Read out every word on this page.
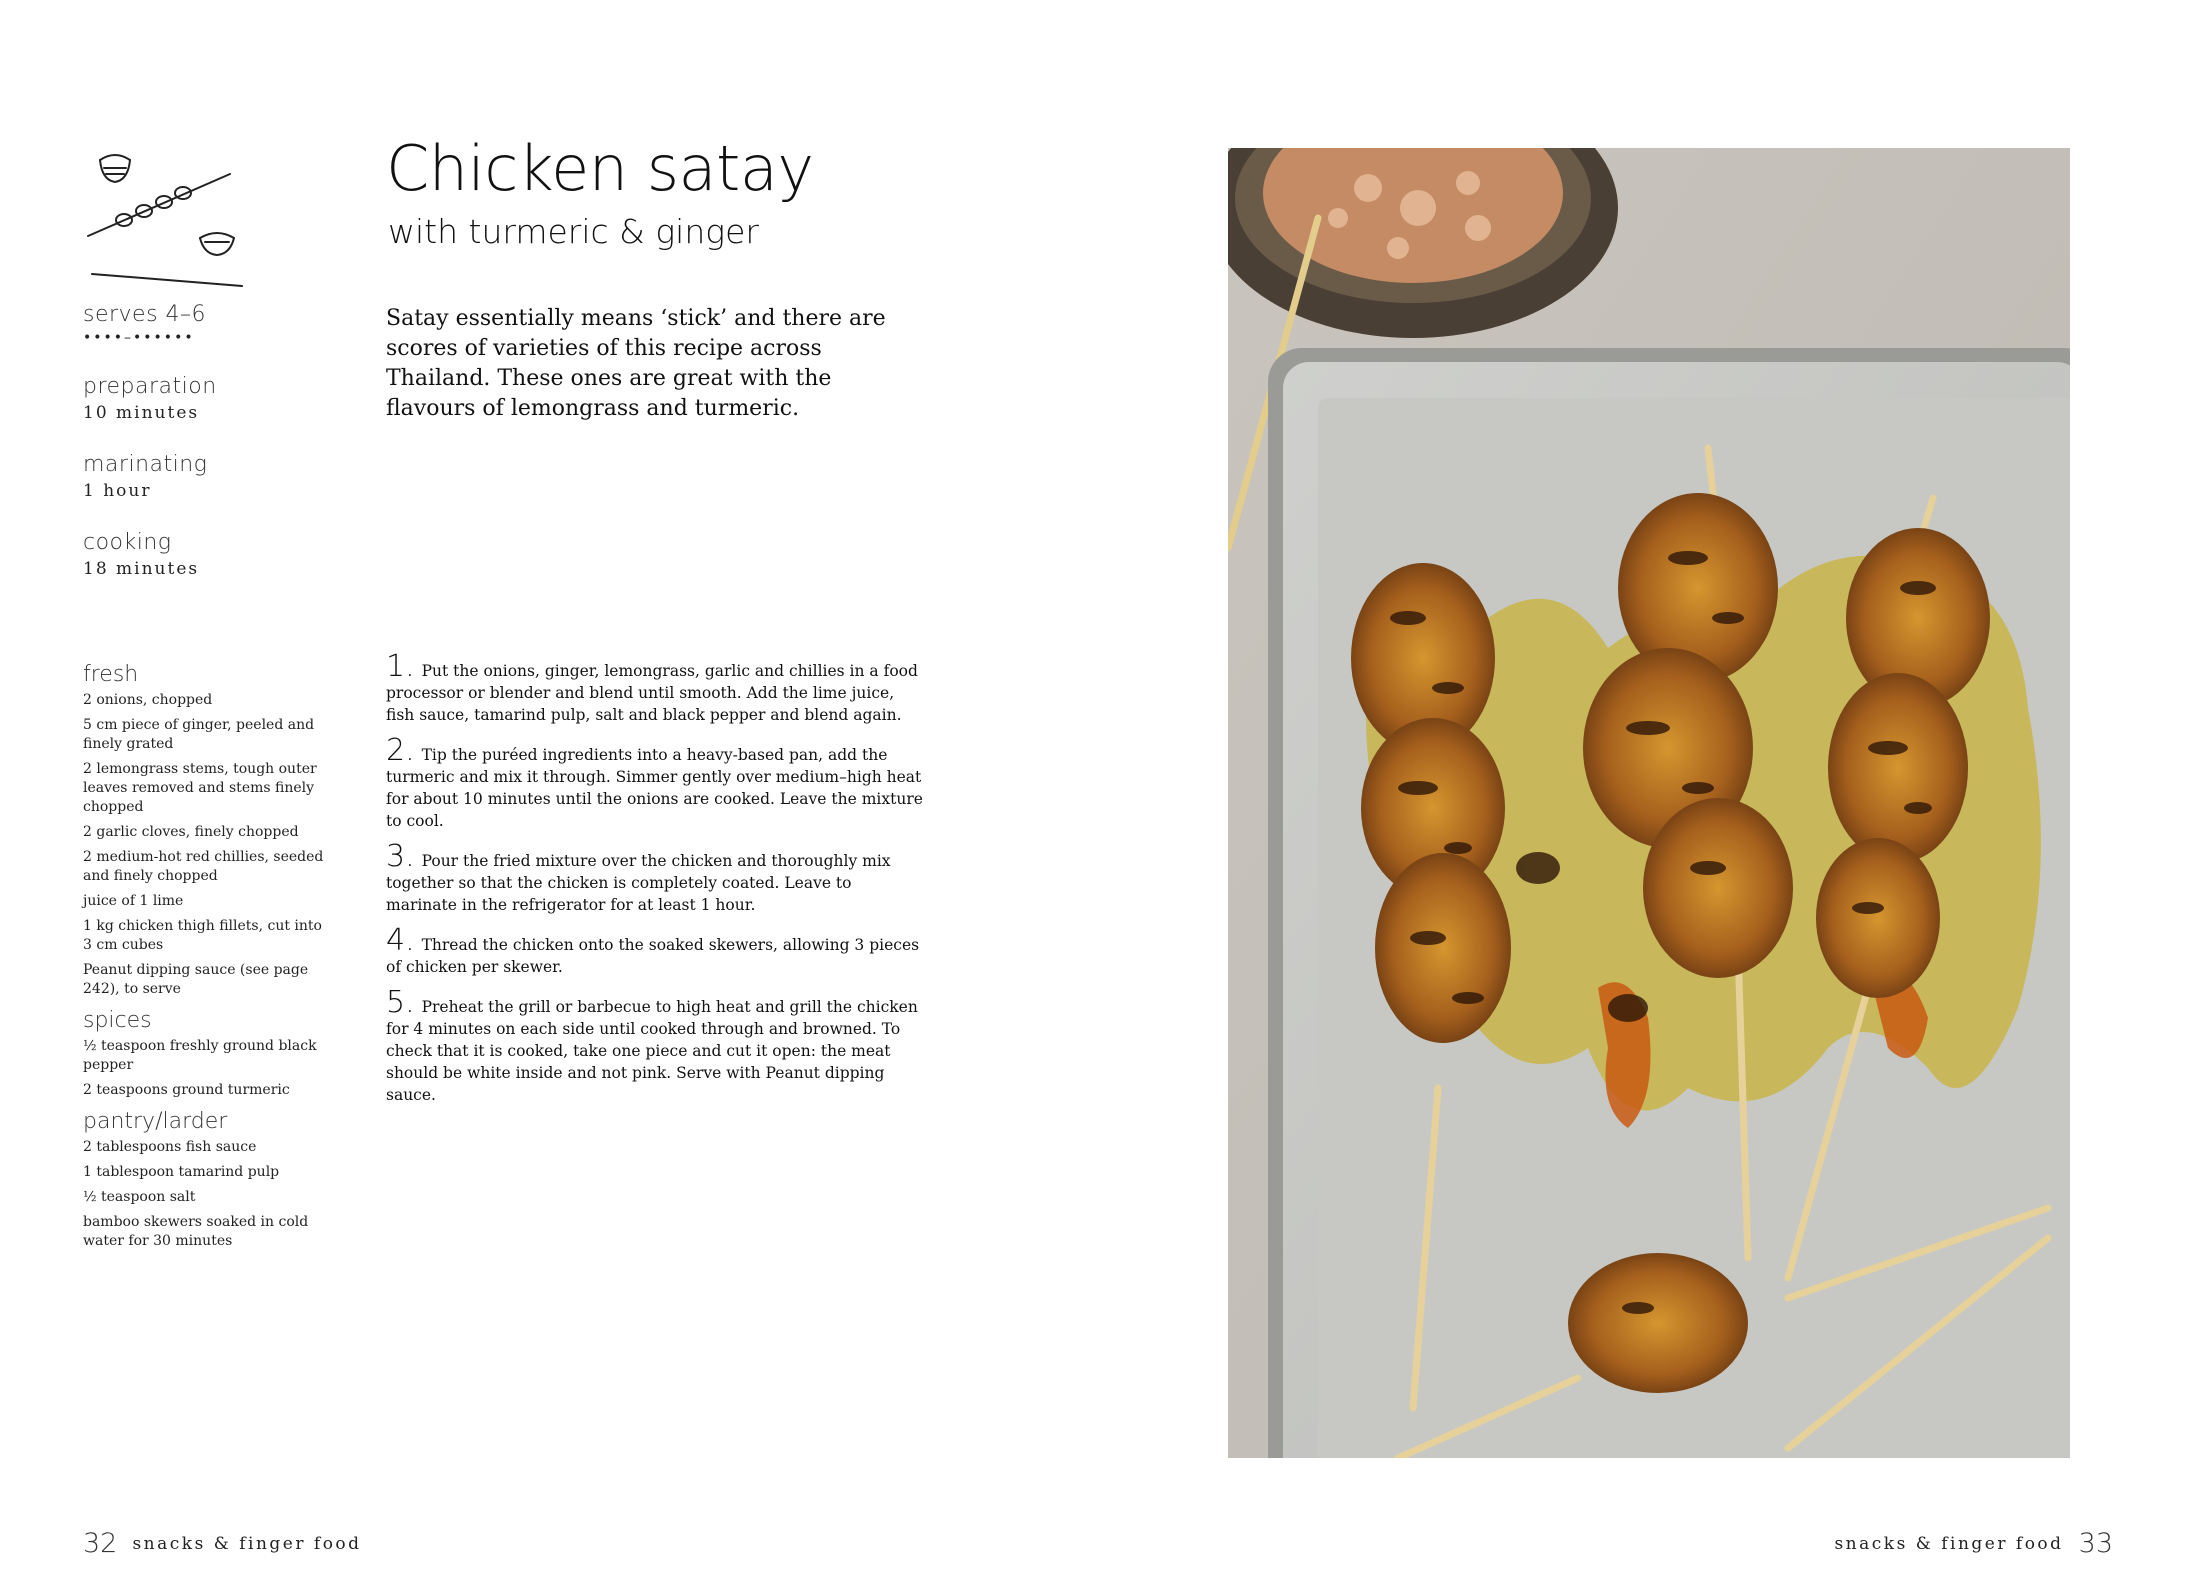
serves 4–6
••••–••••••
preparation
10 minutes
marinating
1 hour
cooking
18 minutes
fresh
2 onions, chopped
5 cm piece of ginger, peeled and finely grated
2 lemongrass stems, tough outer leaves removed and stems finely chopped
2 garlic cloves, finely chopped
2 medium-hot red chillies, seeded and finely chopped
juice of 1 lime
1 kg chicken thigh fillets, cut into 3 cm cubes
Peanut dipping sauce (see page 242), to serve
spices
½ teaspoon freshly ground black pepper
2 teaspoons ground turmeric
pantry/larder
2 tablespoons fish sauce
1 tablespoon tamarind pulp
½ teaspoon salt
bamboo skewers soaked in cold water for 30 minutes
Chicken satay
with turmeric & ginger
Satay essentially means ‘stick’ and there are scores of varieties of this recipe across Thailand. These ones are great with the flavours of lemongrass and turmeric.
1. Put the onions, ginger, lemongrass, garlic and chillies in a food processor or blender and blend until smooth. Add the lime juice, fish sauce, tamarind pulp, salt and black pepper and blend again.
2. Tip the puréed ingredients into a heavy-based pan, add the turmeric and mix it through. Simmer gently over medium–high heat for about 10 minutes until the onions are cooked. Leave the mixture to cool.
3. Pour the fried mixture over the chicken and thoroughly mix together so that the chicken is completely coated. Leave to marinate in the refrigerator for at least 1 hour.
4. Thread the chicken onto the soaked skewers, allowing 3 pieces of chicken per skewer.
5. Preheat the grill or barbecue to high heat and grill the chicken for 4 minutes on each side until cooked through and browned. To check that it is cooked, take one piece and cut it open: the meat should be white inside and not pink. Serve with Peanut dipping sauce.
32 snacks & finger food	snacks & finger food 33
